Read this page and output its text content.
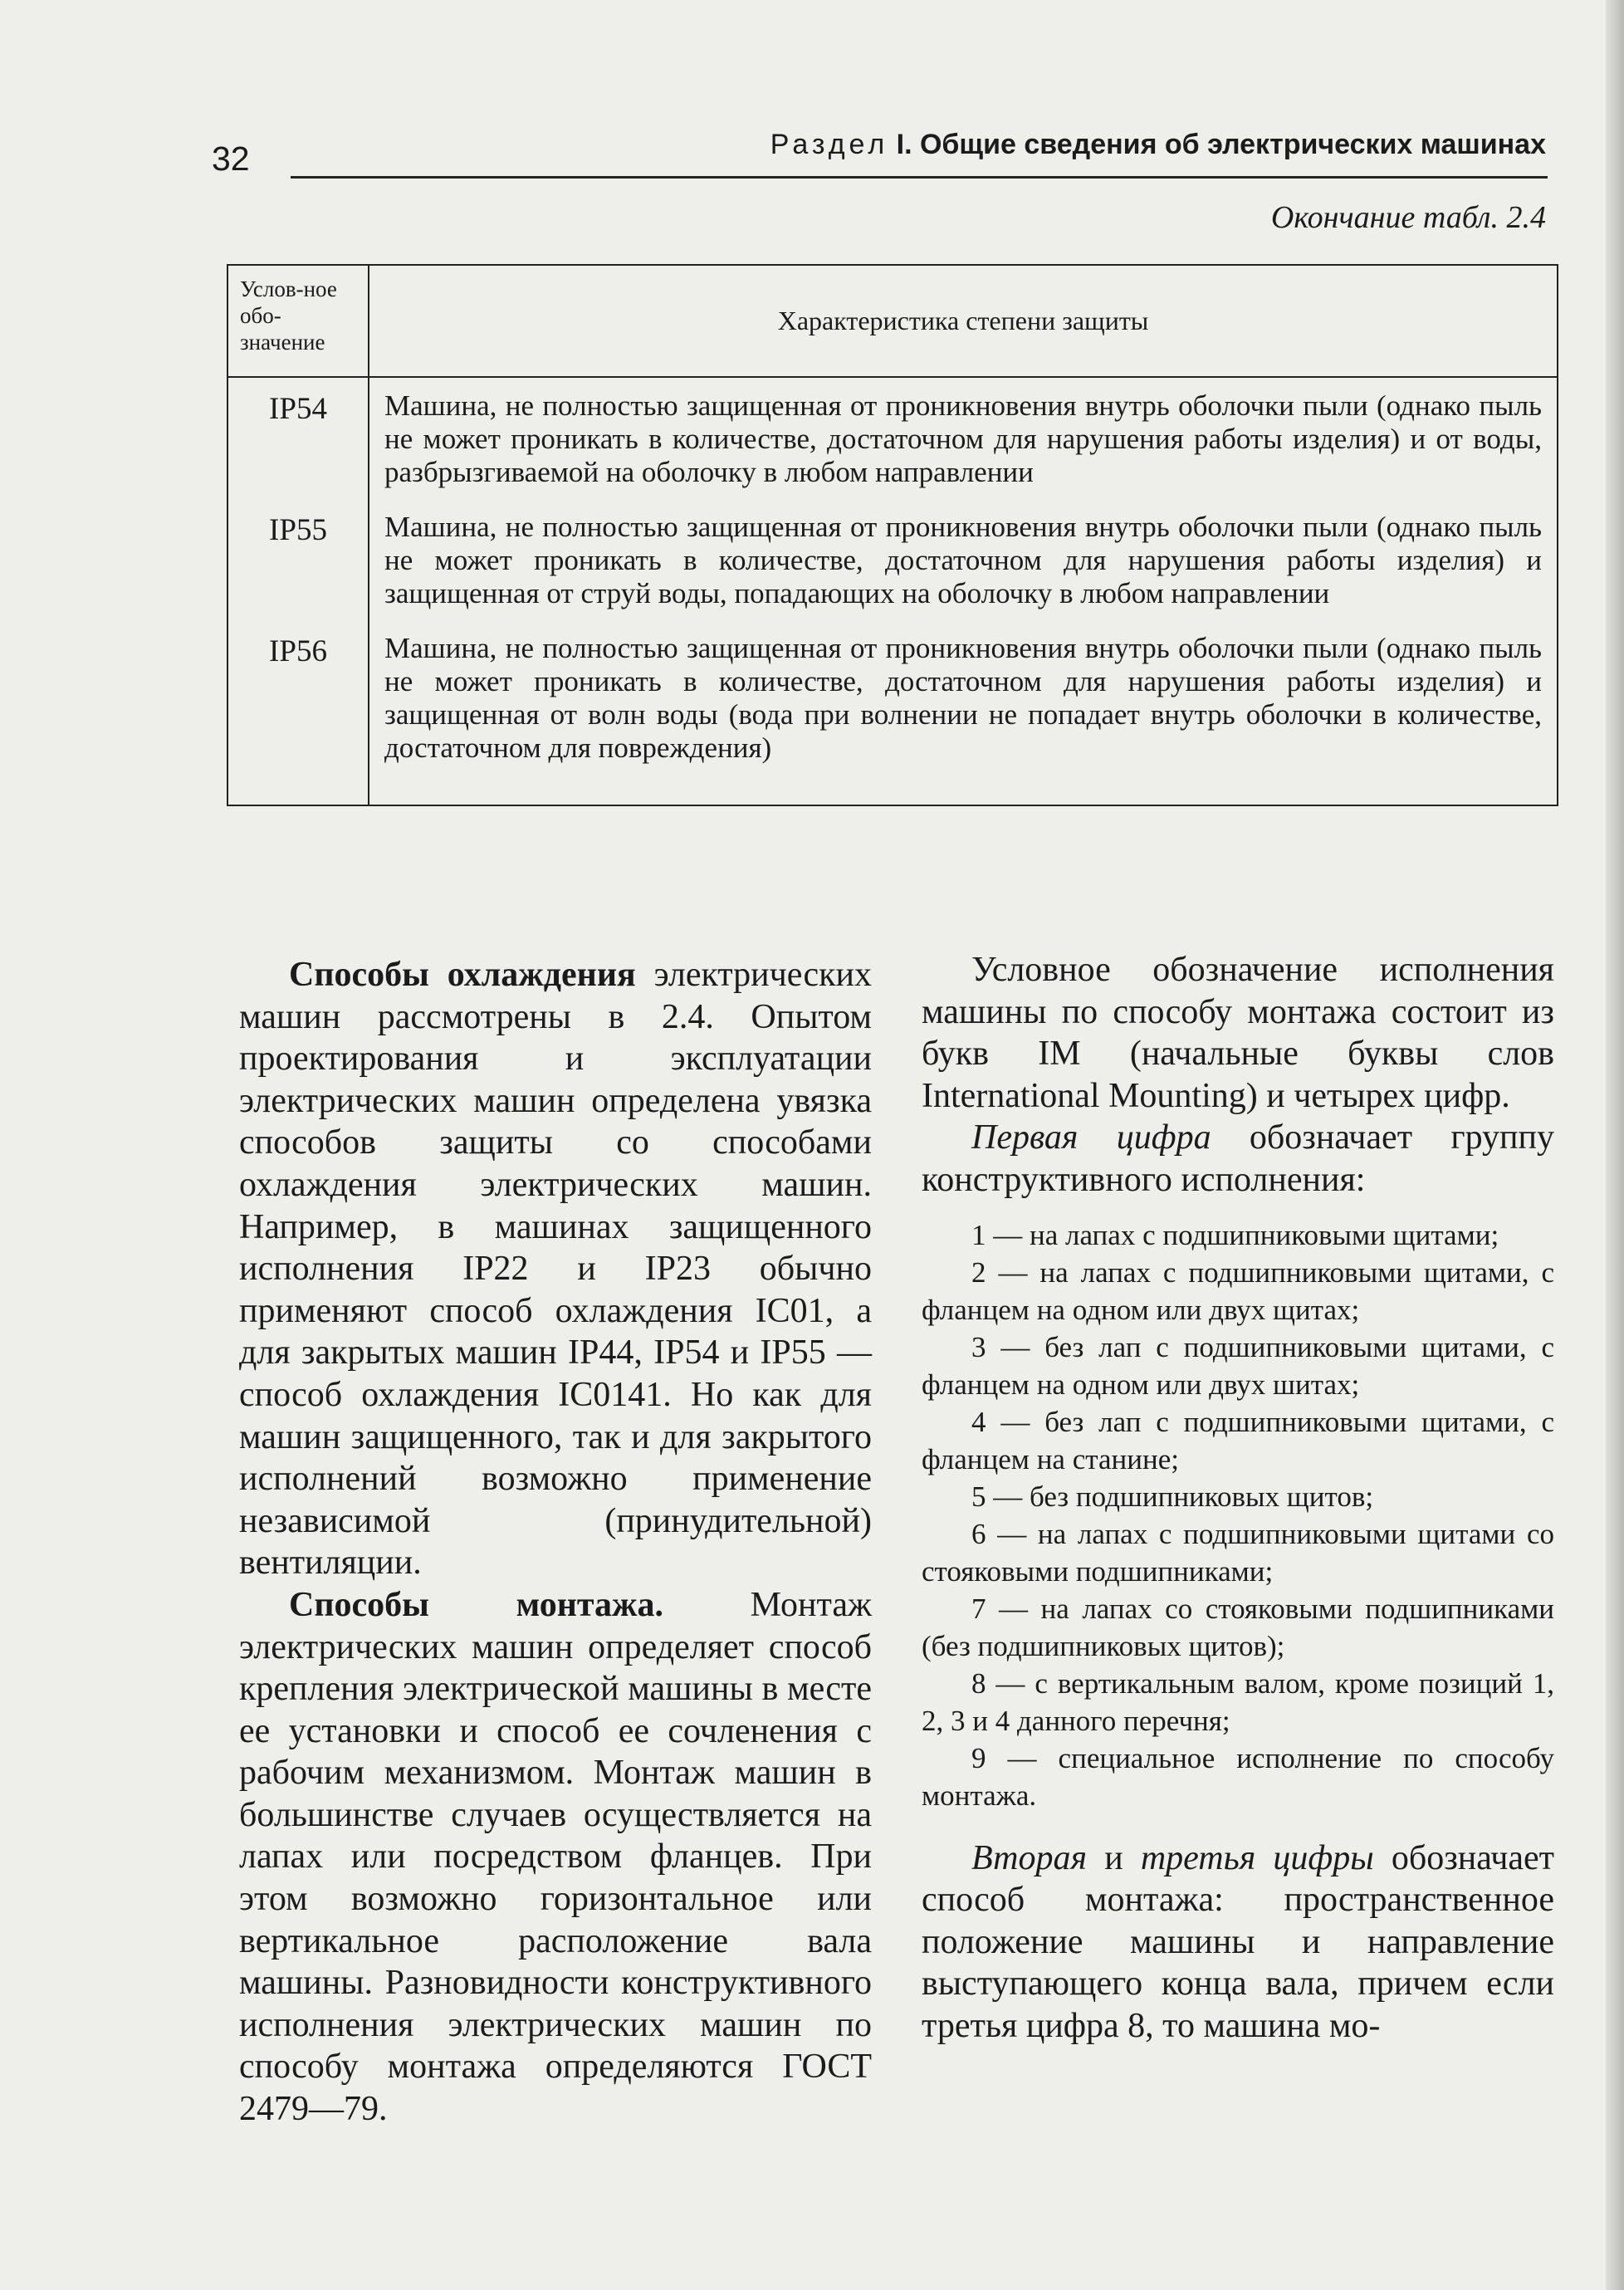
32	Раздел I. Общие сведения об электрических машинах
Окончание табл. 2.4
Услов-ное обо-значение	Характеристика степени защиты
IP54	Машина, не полностью защищенная от проникновения внутрь оболочки пыли (однако пыль не может проникать в количестве, достаточном для нарушения работы изделия) и от воды, разбрызгиваемой на оболочку в любом направлении
IP55	Машина, не полностью защищенная от проникновения внутрь оболочки пыли (однако пыль не может проникать в количестве, достаточном для нарушения работы изделия) и защищенная от струй воды, попадающих на оболочку в любом направлении
IP56	Машина, не полностью защищенная от проникновения внутрь оболочки пыли (однако пыль не может проникать в количестве, достаточном для нарушения работы изделия) и защищенная от волн воды (вода при волнении не попадает внутрь оболочки в количестве, достаточном для повреждения)

Способы охлаждения электрических машин рассмотрены в 2.4. Опытом проектирования и эксплуатации электрических машин определена увязка способов защиты со способами охлаждения электрических машин. Например, в машинах защищенного исполнения IP22 и IP23 обычно применяют способ охлаждения IC01, а для закрытых машин IP44, IP54 и IP55 — способ охлаждения IC0141. Но как для машин защищенного, так и для закрытого исполнений возможно применение независимой (принудительной) вентиляции.

Способы монтажа. Монтаж электрических машин определяет способ крепления электрической машины в месте ее установки и способ ее сочленения с рабочим механизмом. Монтаж машин в большинстве случаев осуществляется на лапах или посредством фланцев. При этом возможно горизонтальное или вертикальное расположение вала машины. Разновидности конструктивного исполнения электрических машин по способу монтажа определяются ГОСТ 2479—79.

Условное обозначение исполнения машины по способу монтажа состоит из букв IM (начальные буквы слов International Mounting) и четырех цифр.

Первая цифра обозначает группу конструктивного исполнения:

1 — на лапах с подшипниковыми щитами;
2 — на лапах с подшипниковыми щитами, с фланцем на одном или двух щитах;
3 — без лап с подшипниковыми щитами, с фланцем на одном или двух шитах;
4 — без лап с подшипниковыми щитами, с фланцем на станине;
5 — без подшипниковых щитов;
6 — на лапах с подшипниковыми щитами со стояковыми подшипниками;
7 — на лапах со стояковыми подшипниками (без подшипниковых щитов);
8 — с вертикальным валом, кроме позиций 1, 2, 3 и 4 данного перечня;
9 — специальное исполнение по способу монтажа.

Вторая и третья цифры обозначает способ монтажа: пространственное положение машины и направление выступающего конца вала, причем если третья цифра 8, то машина мо-
